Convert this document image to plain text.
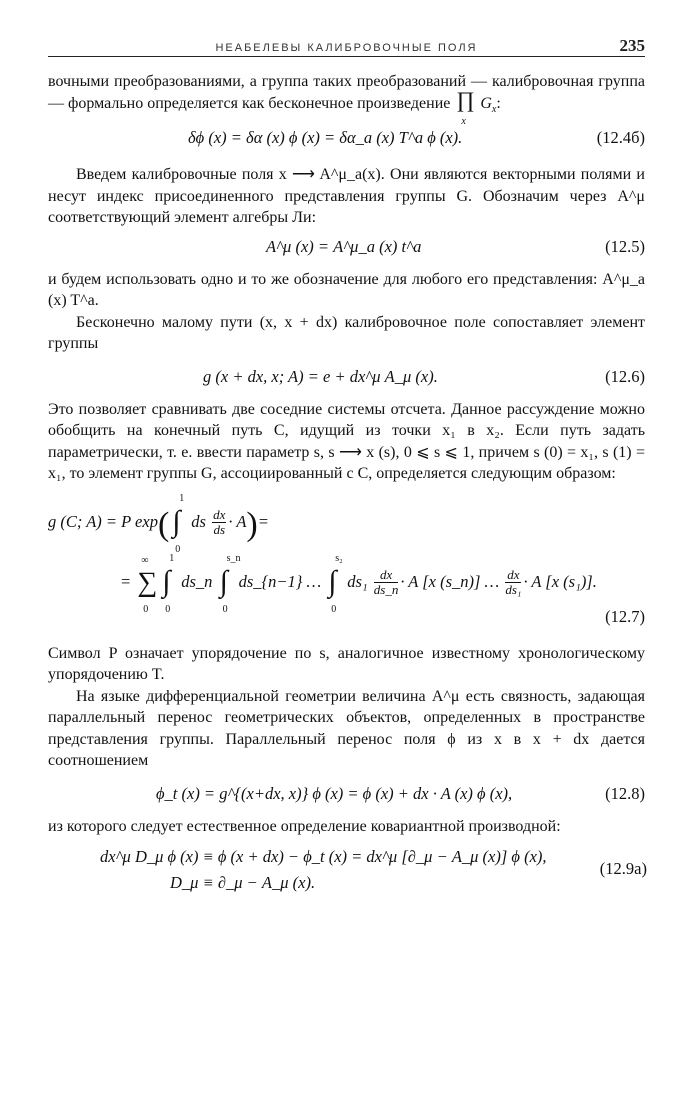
НЕАБЕЛЕВЫ КАЛИБРОВОЧНЫЕ ПОЛЯ	235

вочными преобразованиями, а группа таких преобразований — калибровочная группа — формально определяется как бесконечное произведение ∏
x
$G_x$:

δϕ (x) = δα (x) ϕ (x) = δα_a (x) T^a ϕ (x).	(12.4б)

Введем калибровочные поля x ⟶ A^μ_a(x). Они являются векторными полями и несут индекс присоединенного представления группы G. Обозначим через A^μ соответствующий элемент алгебры Ли:

A^μ (x) = A^μ_a (x) t^a	(12.5)

и будем использовать одно и то же обозначение для любого его представления: A^μ_a (x) T^a.

Бесконечно малому пути (x, x + dx) калибровочное поле сопоставляет элемент группы

g (x + dx, x; A) = e + dx^μ A_μ (x).	(12.6)

Это позволяет сравнивать две соседние системы отсчета. Данное рассуждение можно обобщить на конечный путь C, идущий из точки x₁ в x₂. Если путь задать параметрически, т. е. ввести параметр s, s ⟶ x (s), 0 ⩽ s ⩽ 1, причем s (0) = x₁, s (1) = x₁, то элемент группы G, ассоциированный с C, определяется следующим образом:

g (C; A) = P exp( ∫
1
0
ds $\frac{dx}{ds} \cdot A)=$
= ∑
∞
0
∫
1
0
ds_n ∫
s_n
0
ds_{n−1} … ∫
s₂
0
$ds_1 \frac{dx}{ds\_n} \cdot A$ [x (s_n)] … $\frac{dx}{\text{ds₁}} \cdot A$ [x (s₁)].
(12.7)

Символ P означает упорядочение по s, аналогичное известному хронологическому упорядочению T.

На языке дифференциальной геометрии величина A^μ есть связность, задающая параллельный перенос геометрических объектов, определенных в пространстве представления группы. Параллельный перенос поля ϕ из x в x + dx дается соотношением

ϕ_t (x) = g^{(x+dx, x)} ϕ (x) = ϕ (x) + dx · A (x) ϕ (x),	(12.8)

из которого следует естественное определение ковариантной производной:

dx^μ D_μ ϕ (x) ≡ ϕ (x + dx) − ϕ_t (x) = dx^μ [∂_μ − A_μ (x)] ϕ (x),
D_μ ≡ ∂_μ − A_μ (x).
(12.9a)
